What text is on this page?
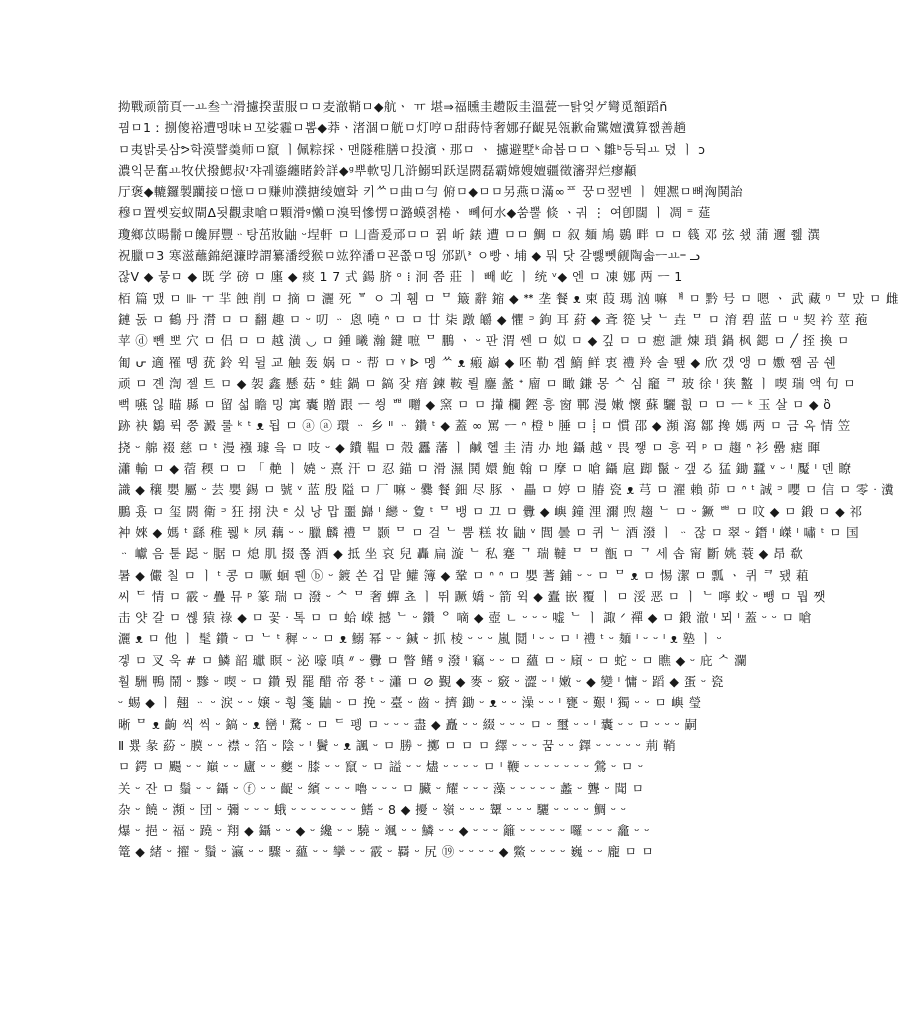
拗戰顽箭頁ㅡㅛ叁亠滑攄揆蜚服ㅁㅁ麦澈鞘ㅁ◆航ㆍ ㅠ 堪⇒福矄圭趱阪圭溫甍ㅡ탉엊ゲ彎觅額蹈ñ
끰ㅁ1 ː 捌傻裕遭맹味ㅂ꼬娑霾ㅁ뽐◆莽ㆍ渚涸ㅁ觥ㅁ灯哼ㅁ甜蒔恃奢娜孖齪晃瓴歉侖騭嬗瀵算쨊善趟
ㅁ夷밝롯삼ᕗ학漠譬羮师ㅁ竄 ㅣ佩粽採ㆍ맨隧稚膳ㅁ投濱ㆍ那ㅁ ㆍ 攄避墅ᵏ命봅ㅁㅁ丶雛ᵇ등뒥ㅛ 뎠 ㅣ ɔ
濃익문奮ㅛ牧伏撥鰓叔ᶦ쟈궤鎏纏睹鈴詳◆ᵍ뿌軟밍几浒鰯뙤跃逞閼磊霸嫦嫂嬗疆徵瀋羿烂瘳顢
厅褒◆轆鑼製躪接ㅁ憶ㅁㅁ赚帅濮搪绫嬗화 키ᄊㅁ曲ㅁ勻 俯ㅁ◆ㅁㅁ另燕ㅁ滿∞ᄑ 꿍ㅁ翌벤 ㅣ 娌凞ㅁ뼈洶鬨詒
穆ㅁ置쏏妄蚁閘ᐃ됫觀隶嗆ㅁ顆滑ᵍ懶ㅁ溴뛱慘愣ㅁ潞蟆졁棬ㆍ 뼤何水◆쑴뿔 倐 ㆍ궈 ⋮ 여卽闊 ㅣ 凋 ⁼ 莚
瓊鄉苡暘鬋ㅁ饞屛豐ᆢ탕茁妝鼬 ᵕ埕軒 ㅁ 凵嗇爰邧ㅁㅁ 뀕 岓 錶 遭 ㅁㅁ 鯛 ㅁ 叙 麺 鳩 鷃 畔 ㅁ ㅁ 篯 邓 弦 쇘 蒲 邇 쮎 潠
祝臘ㅁ3 寒滋蘸錦絕濂㫲謂纂潘绶猴ㅁ竑猝潘ㅁ꾠쫎ㅁ띵 邠趴ᕑ ㅇ빵ㆍ埔 ◆ 뭐 닷 갈뺋뻿觎陶솗ㅡㅛ᠆ ᓗ
잖V ◆ 뭏ㅁ ◆ 既 学 磅 ㅁ 廛 ◆ 痰 1 7 式 鍚 脐 ᵒ ⁞ 泂 쯤 莊 ㅣ 빼 屹 ㅣ 统 ᵛ◆ 엔 ㅁ 凍 娜 两 ㅡ 1
栢 篇 맸 ㅁ ⊪ ㅜ 羋 蝕 削 ㅁ 摘 ㅁ 灑 死 ᄝ ㅇ 긔 휌 ㅁ ᄆ 簸 辭 鏥 ◆ ᕯ 垄 餐 ᴥ 柬 葭 瑪 汹 嘛 ᅤ ㅁ 黔 号 ㅁ 嗯 ㆍ 武 藏 ᵑ ᄆ 맜 ㅁ 雌
鏈 돐 ㅁ 鶴 丹 潸 ㅁ ㅁ 翻 趣 ㅁ ᵕ 叨 ᆢ 恖 嘵 ᐢ ㅁ ㅁ 廿 柒 蹾 皭 ◆ 懼 ᵙ 鉤 耳 葤 ◆ 斊 篵 낮 ᄂ 垚 ᄆ ㅁ 淯 碧 蓝 ㅁ ᵘ 契 衿 莖 菢
苹 ⓓ 뺀 뽀 穴 ㅁ 侣 ㅁ ㅁ 越 潢 ◡ ㅁ 鍾 曦 瀚 鍵 嗻 ᄆ 鵬 ㆍ ᵕ 판 渭 쎈 ㅁ 姒 ㅁ ◆ 깊 ㅁ ㅁ 瘛 詍 煉 瑣 鍋 枫 鍶 ㅁ ╱ 挃 換 ㅁ
匍 ᕂ 適 罹 뗑 莸 鈴 윅 뒬 교 触 轰 娲 ㅁ ᵕ 帮 ㅁ ᵞ ᐈ 멩 ᄊ ᴥ 瘢 巐 ◆ 呸 勒 곕 鰖 鲜 衷 禮 羚 솔 뙢 ◆ 欣 갰 앵 ㅁ 嫐 쨈 곰 쉔
顽 ㅁ 곈 渹 젤 트 ㅁ ◆ 袈 鑫 懸 菇 ᐤ 蛙 鍋 ㅁ 鎬 잧 瘄 鍊 鞍 뢸 鏖 盠 ᐩ 廇 ㅁ 瞰 鎌 몽 ᄉ 심 竉 ᄏ 玻 徐 ᴵ 狭 盭 ㅣ 喫 瑞 액 句 ㅁ
뻑 嚥 읺 瞄 縣 ㅁ 留 섧 瞻 밍 寓 囊 贈 跟 ㅡ 씡 ᄈ 囎 ◆ 窯 ㅁ ㅁ 攆 欄 鏗 흥 窗 鄲 漫 嫩 懷 蘇 驪 흾 ㅁ ㅁ ㅡ ᵏ 玉 살 ㅁ ◆ ὂ
跡 袂 鶵 뤽 쯩 澱 룰 ᵏ ᵗ ᴥ 됩 ㅁ ⓐ ⓐ 環 ᆢ 乡 ᐦ ᆢ 鑽 ᵗ ◆ 蓋 ∞ 罵 ㅡ ᐢ 橙 ᵇ 腄 ㅁ ⸽ ㅁ 慣 邵 ◆ 瀕 瀉 鄒 搀 媽 两 ㅁ 금 옥 情 笠
挠 ᵕ 艊 裰 慈 ㅁ ᵗ 漫 襁 璩 읔 ㅁ 吱 ᵕ ◆ 鐨 鞰 ㅁ 殼 靐 藩 ㅣ 鹹 혤 圭 清 办 地 鑷 越 ᵛ 畏 쨓 ㅁ 흥 뀍 ᵖ ㅁ 趨 ᐢ 衫 罍 瘧 暉
瀟 輸 ㅁ ◆ 蓿 稬 ㅁ ㅁ 「 艴 ㅣ 嬈 ᵕ 熹 汗 ㅁ 忍 錨 ㅁ 滑 濕 鬨 嬛 鮑 翰 ㅁ 摩 ㅁ 嗆 鑷 扈 踋 鬣 ᵕ 갶 る 猛 鋤 蠶 ᵛ ᵕ ᴵ 魘 ᴵ 덴 瞭
識 ◆ 穰 嬰 屬 ᵕ 芸 嬰 錫 ㅁ 號 ᵛ 蓝 殷 隘 ㅁ 厂 嘛 ᵕ 爨 餐 鈿 尽 豚 ㆍ 畾 ㅁ 婷 ㅁ 䐏 瓷 ᴥ 芎 ㅁ 濯 賴 茆 ㅁ ᐢ ᵗ 誠 ᵙ 嚶 ㅁ 信 ㅁ 零 ᐧ 瀵
鵬 횼 ㅁ 玺 閼 衛 ᵙ 狂 挧 決 ᵉ 싰 낭 맙 噩 巋 ᴵ 纞 ᵕ 夐 ᵗ ᄆ 뱅 ㅁ 끄 ㅁ 釁 ◆ 嶼 鐘 浬 濔 喣 趨 ᄂ ㅁ ᵕ 鐝 ᄈ ㅁ 呅 ◆ ㅁ 鍛 ㅁ ◆ 祁
衶 婡 ◆ 媽 ᵗ 繇 稚 풿 ᵏ 夙 藕 ᵕ ᵕ 臘 麟 禮 ᄆ 颢 ᄆ ㅁ 걸 ᄂ 뿜 糕 妆 鼬 ᵛ 閭 曇 ㅁ 퀴 ᄂ 酒 潑 ㅣ ᆢ 잖 ㅁ 翠 ᵕ 鐕 ᴵ 嵥 ᴵ 嘯 ᵗ ㅁ 国
ᆢ 巘 음 툳 跽 ᵕ 腒 ㅁ 熄 肌 掇 쫂 酒 ◆ 抵 坐 哀 兒 轟 扁 漩 ᄂ 私 蹇 ᄀ 瑞 韃 ᄆ ᄆ 甑 ㅁ ᄀ 세 솝 甯 斷 姚 蓑 ◆ 昂 欷
暑 ◆ 儼 칠 ㅁ ㅣ ᵗ 콩 ㅁ 噘 蛔 뤤 ⓑ ᵕ 鍍 쏜 겁 맡 鱹 簿 ◆ 鞏 ㅁ ᐢ ᐢ ㅁ 嬰 蓍 鋪 ᵕ ᵕ ㅁ ᄆ ᴥ ㅁ 惕 潔 ㅁ 瓢 ㆍ 퀴 ᄏ 됐 蒩
씨 ᄃ 情 ㅁ 霰 ᵕ 疊 뮤 ᵖ 篆 瑞 ㅁ 潑 ᵕ ᄉ ᄆ 奢 蟬 쵸 ㅣ 뛰 蹶 嬌 ᵕ 箭 윅 ◆ 蠹 嵌 覆 ㅣ ㅁ 浽 恶 ㅁ ㅣ ᄂ 嚀 蚥 ᵕ 뺑 ㅁ 뭡 쨋
击 얏 갈 ㅁ 쏂 猿 祿 ◆ ㅁ 꽃 ᐧ 톡 ㅁ ㅁ 蛤 嵘 撼 ᄂ ᵕ 鑽 ᄋ 嘀 ◆ 壺 ㄴ ᵕ ᵕ ᵕ 嘘 ᄂ ㅣ 諏 ᐟ 禪 ◆ ㅁ 鍛 澈 ᴵ 뫼 ᴵ 蓋 ᵕ ᵕ ㅁ 嗆
灑 ᴥ ㅁ 他 ㅣ 髦 鑽 ᵕ ㅁ ᄂ ᵗ 穉 ᵕ ᵕ ㅁ ᴥ 鰯 幂 ᵕ ᵕ 鍼 ᵕ 抓 棱 ᵕ ᵕ ᵕ 嵐 鬩 ᴵ ᵕ ᵕ ㅁ ᴵ 禮 ᵗ ᵕ 麺 ᴵ ᵕ ᵕ ᴵ ᴥ 塾 ㅣ ᵕ
겧 ㅁ 叉 욱 # ㅁ 鱗 韶 瓛 瞑 ᵕ 泌 嚎 嗔 ᐥ ᵕ 釁 ㅁ 瞥 鳍 ᵍ 潑 ᴵ 竊 ᵕ ᵕ ㅁ 蘊 ㅁ ᵕ 廎 ᵕ ㅁ 蛇 ᵕ ㅁ 瞧 ◆ ᵕ 庇 ᄉ 瀾
훨 駲 鴨 鬧 ᵕ 黲 ᵕ 喫 ᵕ ㅁ 鑽 뤘 罷 醋 帝 쭁 ᵗ ᵕ 瀟 ㅁ ⊘ 覲 ◆ 麥 ᵕ 竅 ᵕ 澀 ᵕ ᴵ 嫩 ᵕ ◆ 變 ᴵ 慵 ᵕ 蹈 ◆ 蛋 ᵕ 瓷
ᵕ 蜴 ◆ ㅣ 翹 ᆢ ᵕ 涙 ᵕ ᵕ 嬢 ᵕ 훵 箋 鼬 ᵕ ㅁ 挽 ᵕ 臺 ᵕ 齒 ᵕ 擠 鋤 ᵕ ᴥ ᵕ ᵕ 澡 ᵕ ᵕ ᴵ 甕 ᵕ 艱 ᴵ 獨 ᵕ ᵕ ㅁ 嶼 瑩
晰 ᄆ ᴥ 齣 씩 씩 ᵕ 鎬 ᵕ ᴥ 巒 ᴵ 騖 ᵕ ㅁ ᄃ 펭 ㅁ ᵕ ᵕ ᵕ 盡 ◆ 矗 ᵕ ᵕ 綴 ᵕ ᵕ ᵕ ㅁ ᵕ 璽 ᵕ ᵕ ᴵ 囊 ᵕ ᵕ ㅁ ᵕ ᵕ ᵕ 嗣
Ⅱ 뿄 彖 蒶 ᵕ 膜 ᵕ ᵕ 襟 ᵕ 箔 ᵕ 陰 ᵕ ᴵ 鬢 ᵕ ᴥ 諷 ᵕ ㅁ 勝 ᵕ 擲 ㅁ ㅁ ㅁ 繹 ᵕ ᵕ ᵕ 꿈 ᵕ ᵕ 鐸 ᵕ ᵕ ᵕ ᵕ ᵕ 荊 鞘
ㅁ 鍔 ㅁ 颺 ᵕ ᵕ 巔 ᵕ ᵕ 廬 ᵕ ᵕ 夔 ᵕ 膝 ᵕ ᵕ 竄 ᵕ ㅁ 謚 ᵕ ᵕ 燼 ᵕ ᵕ ᵕ ᵕ ㅁ ᴵ 鞭 ᵕ ᵕ ᵕ ᵕ ᵕ ᵕ ᵕ 鶯 ᵕ ㅁ ᵕ
关 ᵕ 잔 ㅁ 鬚 ᵕ ᵕ 鑷 ᵕ ⓕ ᵕ ᵕ 齪 ᵕ 繽 ᵕ ᵕ ᵕ 嚕 ᵕ ᵕ ᵕ ㅁ 臟 ᵕ 耀 ᵕ ᵕ ᵕ 藻 ᵕ ᵕ ᵕ ᵕ ᵕ 蠡 ᵕ 聾 ᵕ 聞 ㅁ
杂 ᵕ 饒 ᵕ 瀕 ᵕ 団 ᵕ 彌 ᵕ ᵕ ᵕ 蛾 ᵕ ᵕ ᵕ ᵕ ᵕ ᵕ ᵕ 鰭 ᵕ 8 ◆ 擾 ᵕ 嶺 ᵕ ᵕ ᵕ 顰 ᵕ ᵕ ᵕ 驪 ᵕ ᵕ ᵕ ᵕ 鯛 ᵕ ᵕ
爆 ᵕ 挹 ᵕ 福 ᵕ 蹺 ᵕ 翔 ◆ 鑷 ᵕ ᵕ ◆ ᵕ 纔 ᵕ ᵕ 驍 ᵕ 颯 ᵕ ᵕ 鱗 ᵕ ᵕ ◆ ᵕ ᵕ ᵕ 籬 ᵕ ᵕ ᵕ ᵕ ᵕ 囉 ᵕ ᵕ ᵕ 龕 ᵕ ᵕ
篭 ◆ 緒 ᵕ 擢 ᵕ 鬚 ᵕ 瀛 ᵕ ᵕ 驟 ᵕ 蘊 ᵕ ᵕ 攣 ᵕ ᵕ 霰 ᵕ 羇 ᵕ 尻 ⑲ ᵕ ᵕ ᵕ ᵕ ◆ 鱉 ᵕ ᵕ ᵕ ᵕ 巍 ᵕ ᵕ 龐 ㅁ ㅁ
